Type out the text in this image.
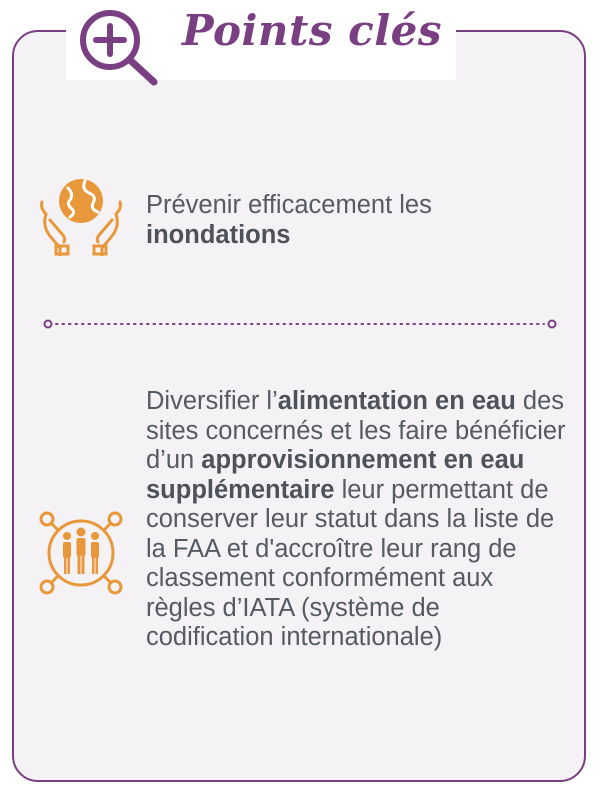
Points clés
Prévenir efficacement les inondations
Diversifier l’alimentation en eau des sites concernés et les faire bénéficier d’un approvisionnement en eau supplémentaire leur permettant de conserver leur statut dans la liste de la FAA et d'accroître leur rang de classement conformément aux règles d’IATA (système de codification internationale)
